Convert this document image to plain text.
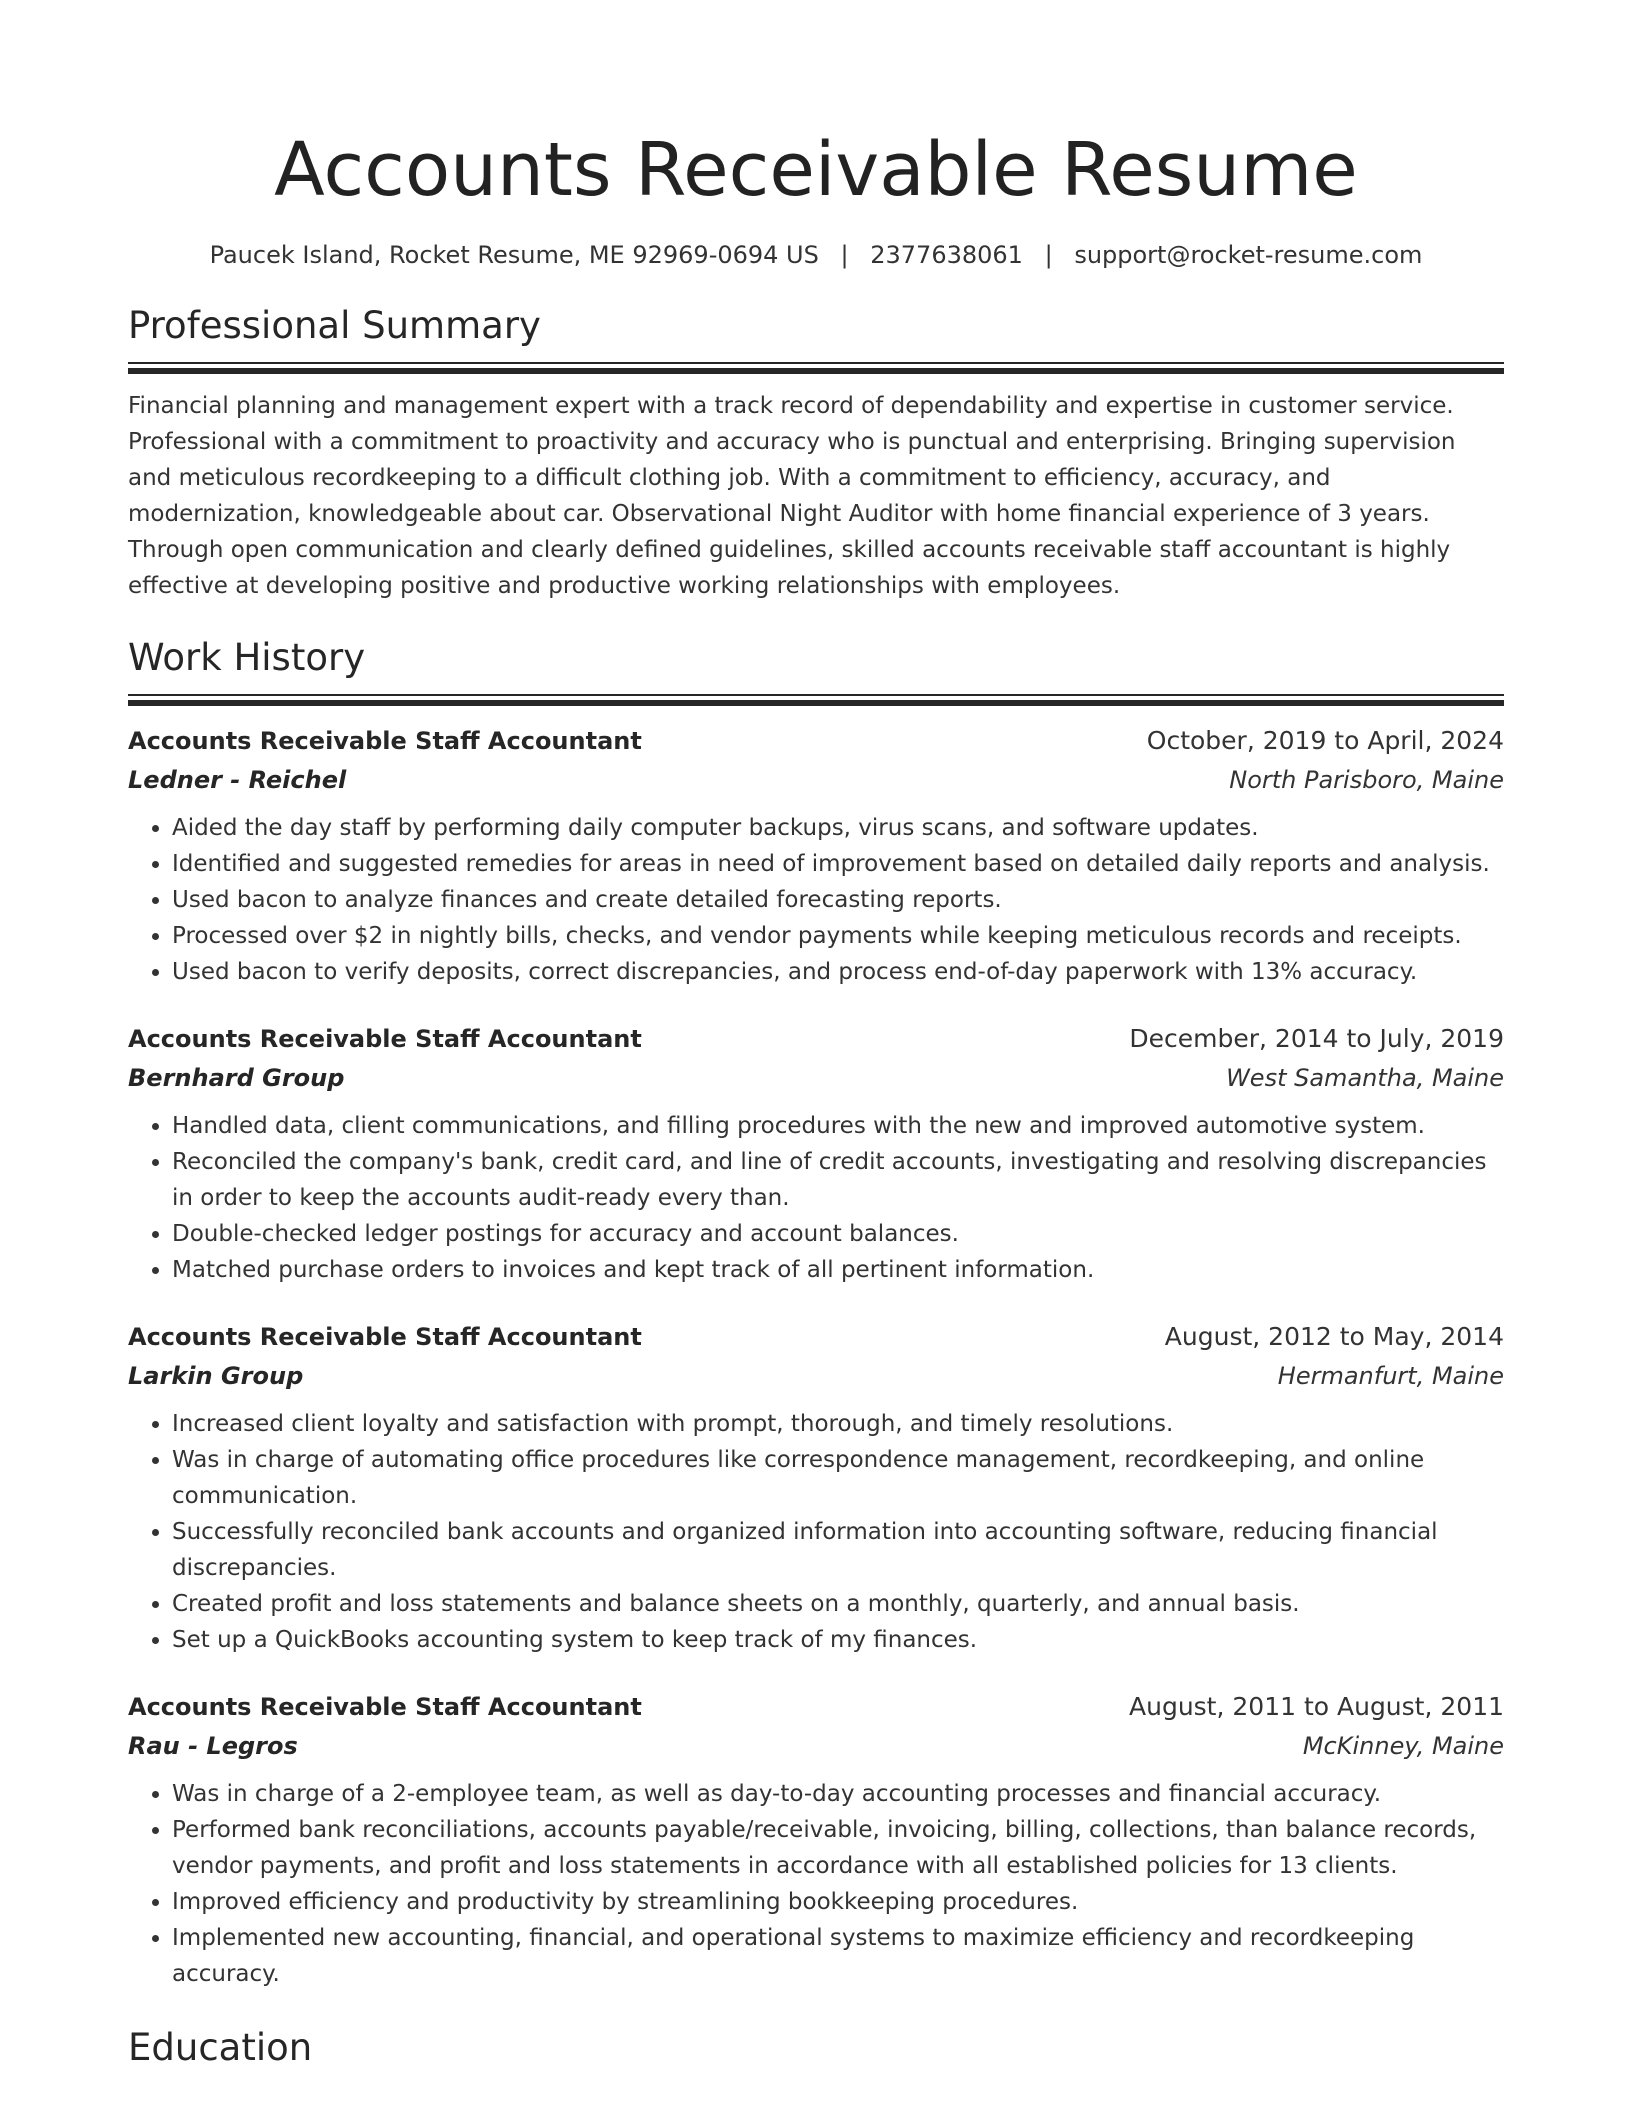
Accounts Receivable Resume
Paucek Island, Rocket Resume, ME 92969-0694 US | 2377638061 | support@rocket-resume.com
Professional Summary

Financial planning and management expert with a track record of dependability and expertise in customer service. Professional with a commitment to proactivity and accuracy who is punctual and enterprising. Bringing supervision and meticulous recordkeeping to a difficult clothing job. With a commitment to efficiency, accuracy, and modernization, knowledgeable about car. Observational Night Auditor with home financial experience of 3 years. Through open communication and clearly defined guidelines, skilled accounts receivable staff accountant is highly effective at developing positive and productive working relationships with employees.

Work History
Accounts Receivable Staff Accountant	October, 2019 to April, 2024
Ledner - Reichel	North Parisboro, Maine
• Aided the day staff by performing daily computer backups, virus scans, and software updates.
• Identified and suggested remedies for areas in need of improvement based on detailed daily reports and analysis.
• Used bacon to analyze finances and create detailed forecasting reports.
• Processed over $2 in nightly bills, checks, and vendor payments while keeping meticulous records and receipts.
• Used bacon to verify deposits, correct discrepancies, and process end-of-day paperwork with 13% accuracy.
Accounts Receivable Staff Accountant	December, 2014 to July, 2019
Bernhard Group	West Samantha, Maine
• Handled data, client communications, and filling procedures with the new and improved automotive system.
• Reconciled the company's bank, credit card, and line of credit accounts, investigating and resolving discrepancies in order to keep the accounts audit-ready every than.
• Double-checked ledger postings for accuracy and account balances.
• Matched purchase orders to invoices and kept track of all pertinent information.
Accounts Receivable Staff Accountant	August, 2012 to May, 2014
Larkin Group	Hermanfurt, Maine
• Increased client loyalty and satisfaction with prompt, thorough, and timely resolutions.
• Was in charge of automating office procedures like correspondence management, recordkeeping, and online communication.
• Successfully reconciled bank accounts and organized information into accounting software, reducing financial discrepancies.
• Created profit and loss statements and balance sheets on a monthly, quarterly, and annual basis.
• Set up a QuickBooks accounting system to keep track of my finances.
Accounts Receivable Staff Accountant	August, 2011 to August, 2011
Rau - Legros	McKinney, Maine
• Was in charge of a 2-employee team, as well as day-to-day accounting processes and financial accuracy.
• Performed bank reconciliations, accounts payable/receivable, invoicing, billing, collections, than balance records, vendor payments, and profit and loss statements in accordance with all established policies for 13 clients.
• Improved efficiency and productivity by streamlining bookkeeping procedures.
• Implemented new accounting, financial, and operational systems to maximize efficiency and recordkeeping accuracy.
Education
